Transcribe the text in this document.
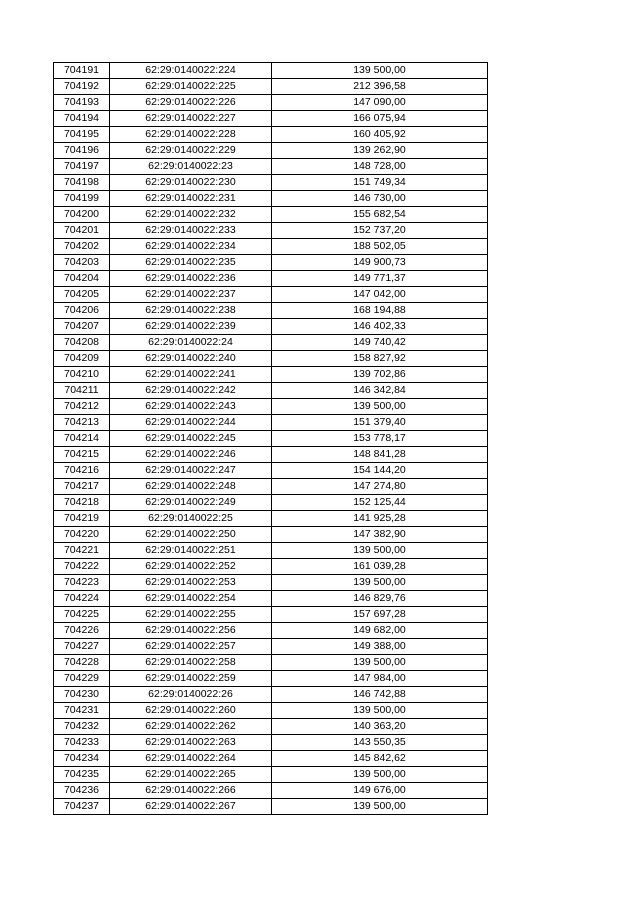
704191	62:29:0140022:224	139 500,00
704192	62:29:0140022:225	212 396,58
704193	62:29:0140022:226	147 090,00
704194	62:29:0140022:227	166 075,94
704195	62:29:0140022:228	160 405,92
704196	62:29:0140022:229	139 262,90
704197	62:29:0140022:23	148 728,00
704198	62:29:0140022:230	151 749,34
704199	62:29:0140022:231	146 730,00
704200	62:29:0140022:232	155 682,54
704201	62:29:0140022:233	152 737,20
704202	62:29:0140022:234	188 502,05
704203	62:29:0140022:235	149 900,73
704204	62:29:0140022:236	149 771,37
704205	62:29:0140022:237	147 042,00
704206	62:29:0140022:238	168 194,88
704207	62:29:0140022:239	146 402,33
704208	62:29:0140022:24	149 740,42
704209	62:29:0140022:240	158 827,92
704210	62:29:0140022:241	139 702,86
704211	62:29:0140022:242	146 342,84
704212	62:29:0140022:243	139 500,00
704213	62:29:0140022:244	151 379,40
704214	62:29:0140022:245	153 778,17
704215	62:29:0140022:246	148 841,28
704216	62:29:0140022:247	154 144,20
704217	62:29:0140022:248	147 274,80
704218	62:29:0140022:249	152 125,44
704219	62:29:0140022:25	141 925,28
704220	62:29:0140022:250	147 382,90
704221	62:29:0140022:251	139 500,00
704222	62:29:0140022:252	161 039,28
704223	62:29:0140022:253	139 500,00
704224	62:29:0140022:254	146 829,76
704225	62:29:0140022:255	157 697,28
704226	62:29:0140022:256	149 682,00
704227	62:29:0140022:257	149 388,00
704228	62:29:0140022:258	139 500,00
704229	62:29:0140022:259	147 984,00
704230	62:29:0140022:26	146 742,88
704231	62:29:0140022:260	139 500,00
704232	62:29:0140022:262	140 363,20
704233	62:29:0140022:263	143 550,35
704234	62:29:0140022:264	145 842,62
704235	62:29:0140022:265	139 500,00
704236	62:29:0140022:266	149 676,00
704237	62:29:0140022:267	139 500,00
